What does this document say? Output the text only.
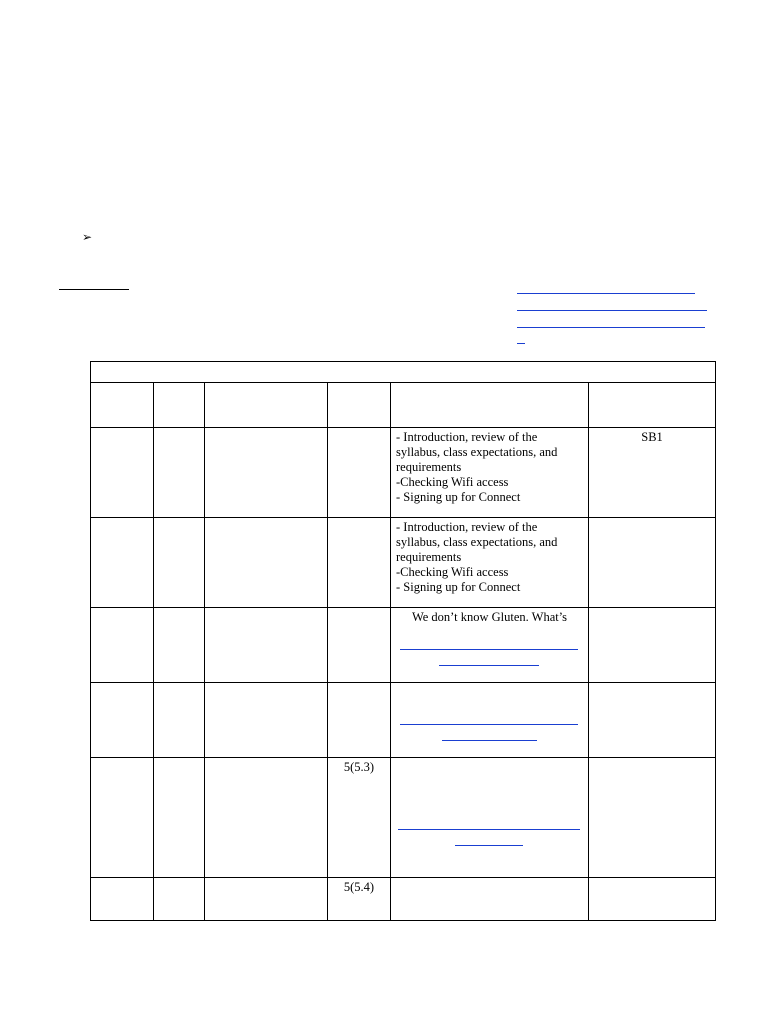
➢

				- Introduction, review of the syllabus, class expectations, and requirements
-Checking Wifi access
- Signing up for Connect	SB1

				- Introduction, review of the syllabus, class expectations, and requirements
-Checking Wifi access
- Signing up for Connect	

				We don’t know Gluten. What’s	

			5(5.3)	

			5(5.4)		
